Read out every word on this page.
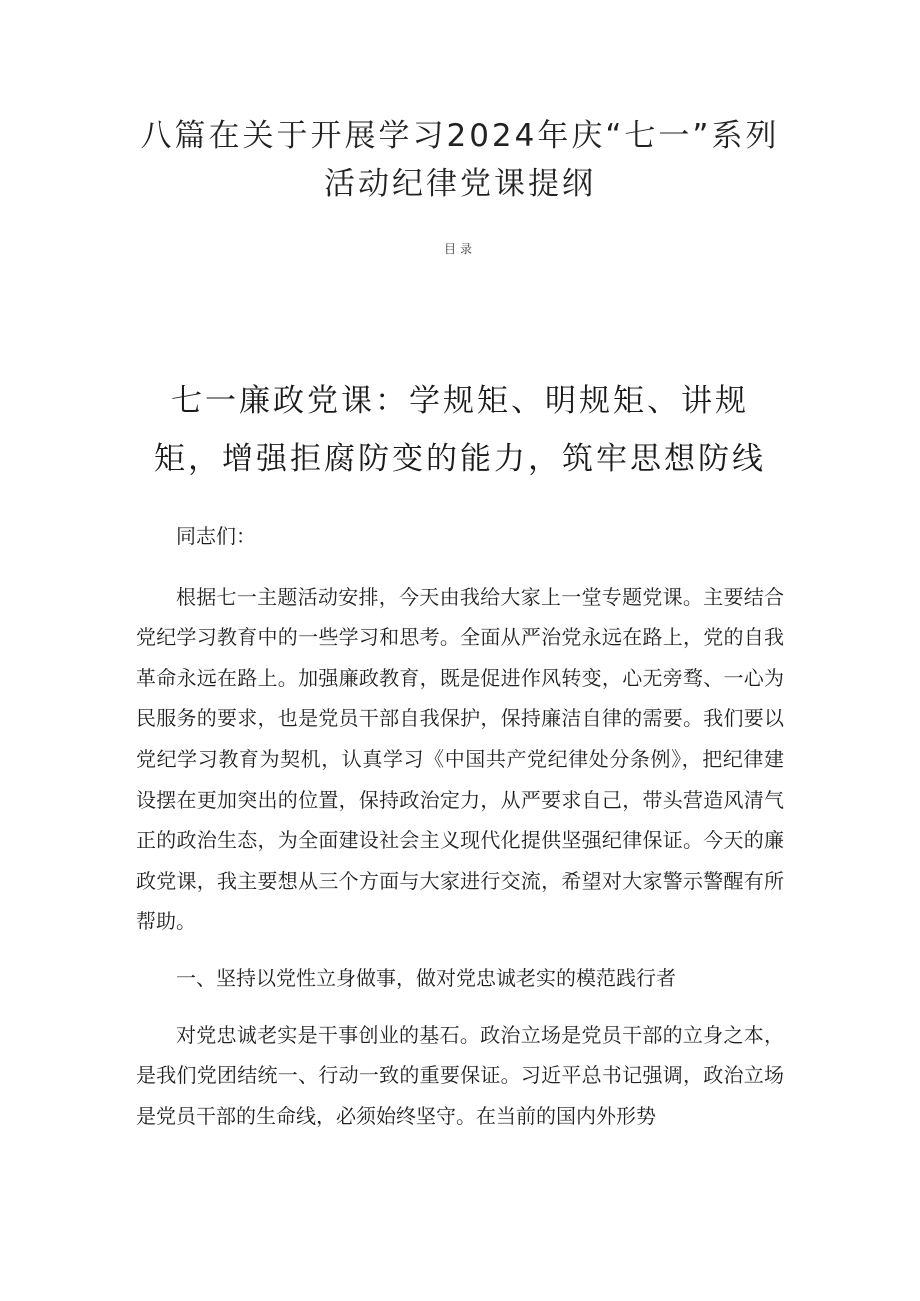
八篇在关于开展学习2024年庆“七一”系列活动纪律党课提纲
目录
七一廉政党课：学规矩、明规矩、讲规矩，增强拒腐防变的能力，筑牢思想防线

同志们：

根据七一主题活动安排，今天由我给大家上一堂专题党课。主要结合党纪学习教育中的一些学习和思考。全面从严治党永远在路上，党的自我革命永远在路上。加强廉政教育，既是促进作风转变，心无旁骛、一心为民服务的要求，也是党员干部自我保护，保持廉洁自律的需要。我们要以党纪学习教育为契机，认真学习《中国共产党纪律处分条例》，把纪律建设摆在更加突出的位置，保持政治定力，从严要求自己，带头营造风清气正的政治生态，为全面建设社会主义现代化提供坚强纪律保证。今天的廉政党课，我主要想从三个方面与大家进行交流，希望对大家警示警醒有所帮助。

一、坚持以党性立身做事，做对党忠诚老实的模范践行者

对党忠诚老实是干事创业的基石。政治立场是党员干部的立身之本，是我们党团结统一、行动一致的重要保证。习近平总书记强调，政治立场是党员干部的生命线，必须始终坚守。在当前的国内外形势
